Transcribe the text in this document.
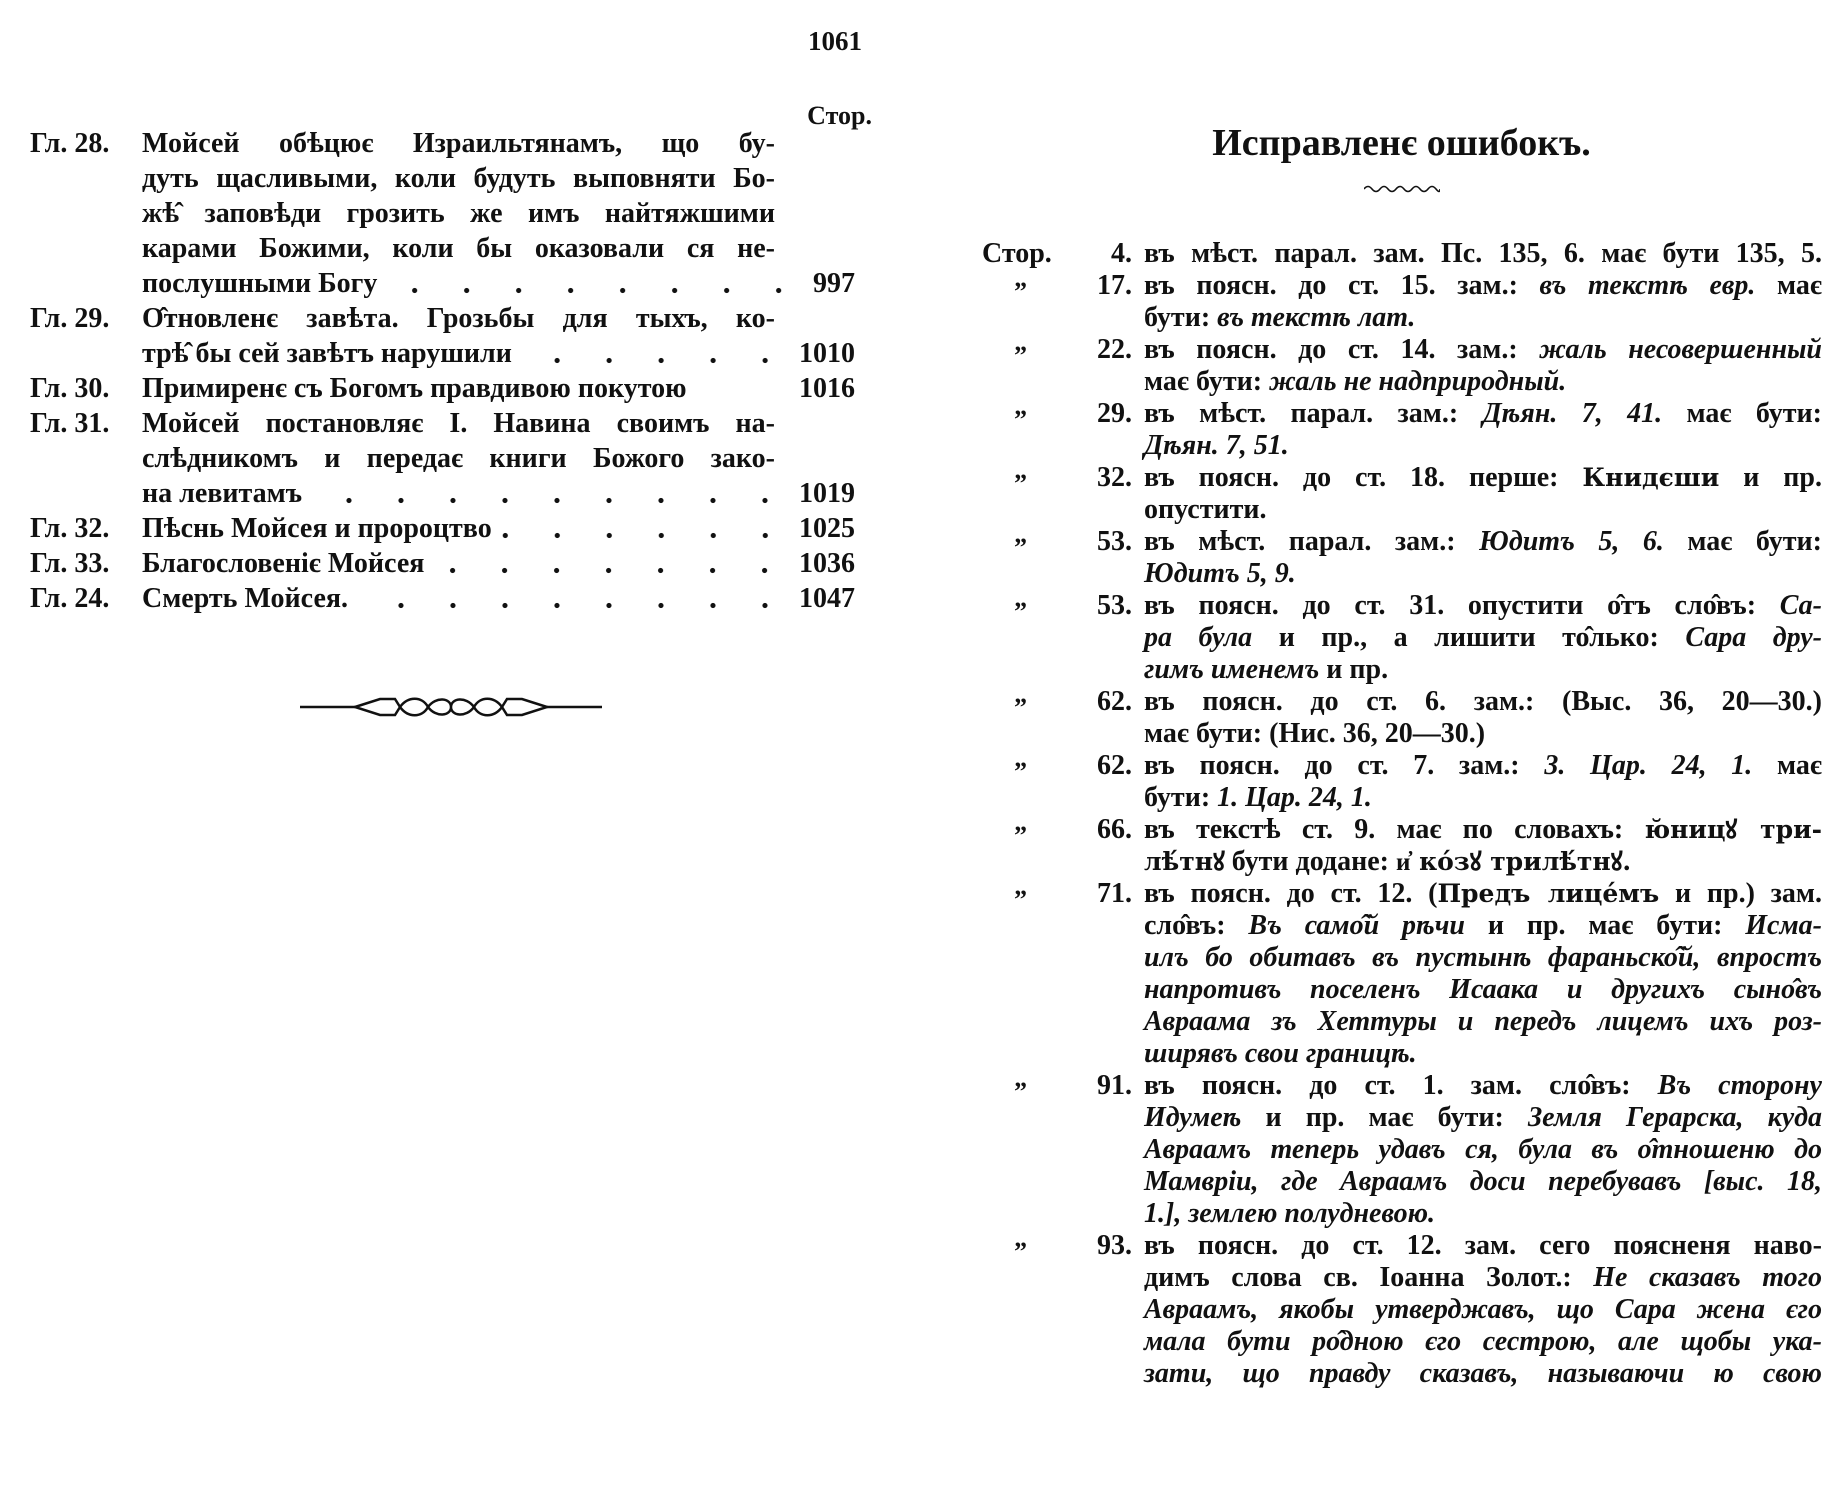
1061
Стор.
Гл. 28. Мойсей обѣцює Израильтянамъ, що бу-
дуть щасливыми, коли будуть выповняти Бо-
жѣ̂ заповѣди грозить же имъ найтяжшими
карами Божими, коли бы оказовали ся не-
послушными Богу	997
Гл. 29. О̂тновленє завѣта. Грозьбы для тыхъ, ко-
трѣ̂ бы сей завѣтъ нарушили	1010
Гл. 30. Примиренє съ Богомъ правдивою покутою	1016
Гл. 31. Мойсей постановляє І. Навина своимъ на-
слѣдникомъ и передає книги Божого зако-
на левитамъ	1019
Гл. 32. Пѣснь Мойсея и пророцтво	1025
Гл. 33. Благословеніє Мойсея	1036
Гл. 24. Смерть Мойсея.	1047
Исправленє ошибокъ.
Стор.	4. въ мѣст. парал. зам. Пс. 135, 6. має бути 135, 5.
”	17. въ поясн. до ст. 15. зам.: въ текстѣ евр. має
бути: въ текстѣ лат.
”	22. въ поясн. до ст. 14. зам.: жаль несовершенный
має бути: жаль не надприродный.
”	29. въ мѣст. парал. зам.: Дѣян. 7, 41. має бути:
Дѣян. 7, 51.
”	32. въ поясн. до ст. 18. перше: Книдєши и пр.
опустити.
”	53. въ мѣст. парал. зам.: Юдитъ 5, 6. має бути:
Юдитъ 5, 9.
”	53. въ поясн. до ст. 31. опустити о̂тъ сло̂въ: Са-
ра була и пр., а лишити то̂лько: Сара дру-
гимъ именемъ и пр.
”	62. въ поясн. до ст. 6. зам.: (Выс. 36, 20—30.)
має бути: (Нис. 36, 20—30.)
”	62. въ поясн. до ст. 7. зам.: 3. Цар. 24, 1. має
бути: 1. Цар. 24, 1.
”	66. въ текстѣ ст. 9. має по словахъ: ю̆ницꙋ три-
лѣ́тнꙋ бути додане: и҆ ко́зꙋ трилѣ́тнꙋ.
”	71. въ поясн. до ст. 12. (Предъ лице́мъ и пр.) зам.
сло̂въ: Въ само̂й рѣчи и пр. має бути: Исма-
илъ бо обитавъ въ пустынѣ фараньско̂й, впростъ
напротивъ поселенъ Исаака и другихъ сыно̂въ
Авраама зъ Хеттуры и передъ лицемъ ихъ роз-
ширявъ свои границѣ.
”	91. въ поясн. до ст. 1. зам. сло̂въ: Въ сторону
Идумеѣ и пр. має бути: Земля Герарска, куда
Авраамъ теперь удавъ ся, була въ о̂тношеню до
Мамвріи, где Авраамъ доси перебувавъ [выс. 18,
1.], землею полудневою.
”	93. въ поясн. до ст. 12. зам. сего поясненя наво-
димъ слова св. Іоанна Золот.: Не сказавъ того
Авраамъ, якобы утверджавъ, що Сара жена єго
мала бути ро̂дною єго сестрою, але щобы ука-
зати, що правду сказавъ, называючи ю свою
